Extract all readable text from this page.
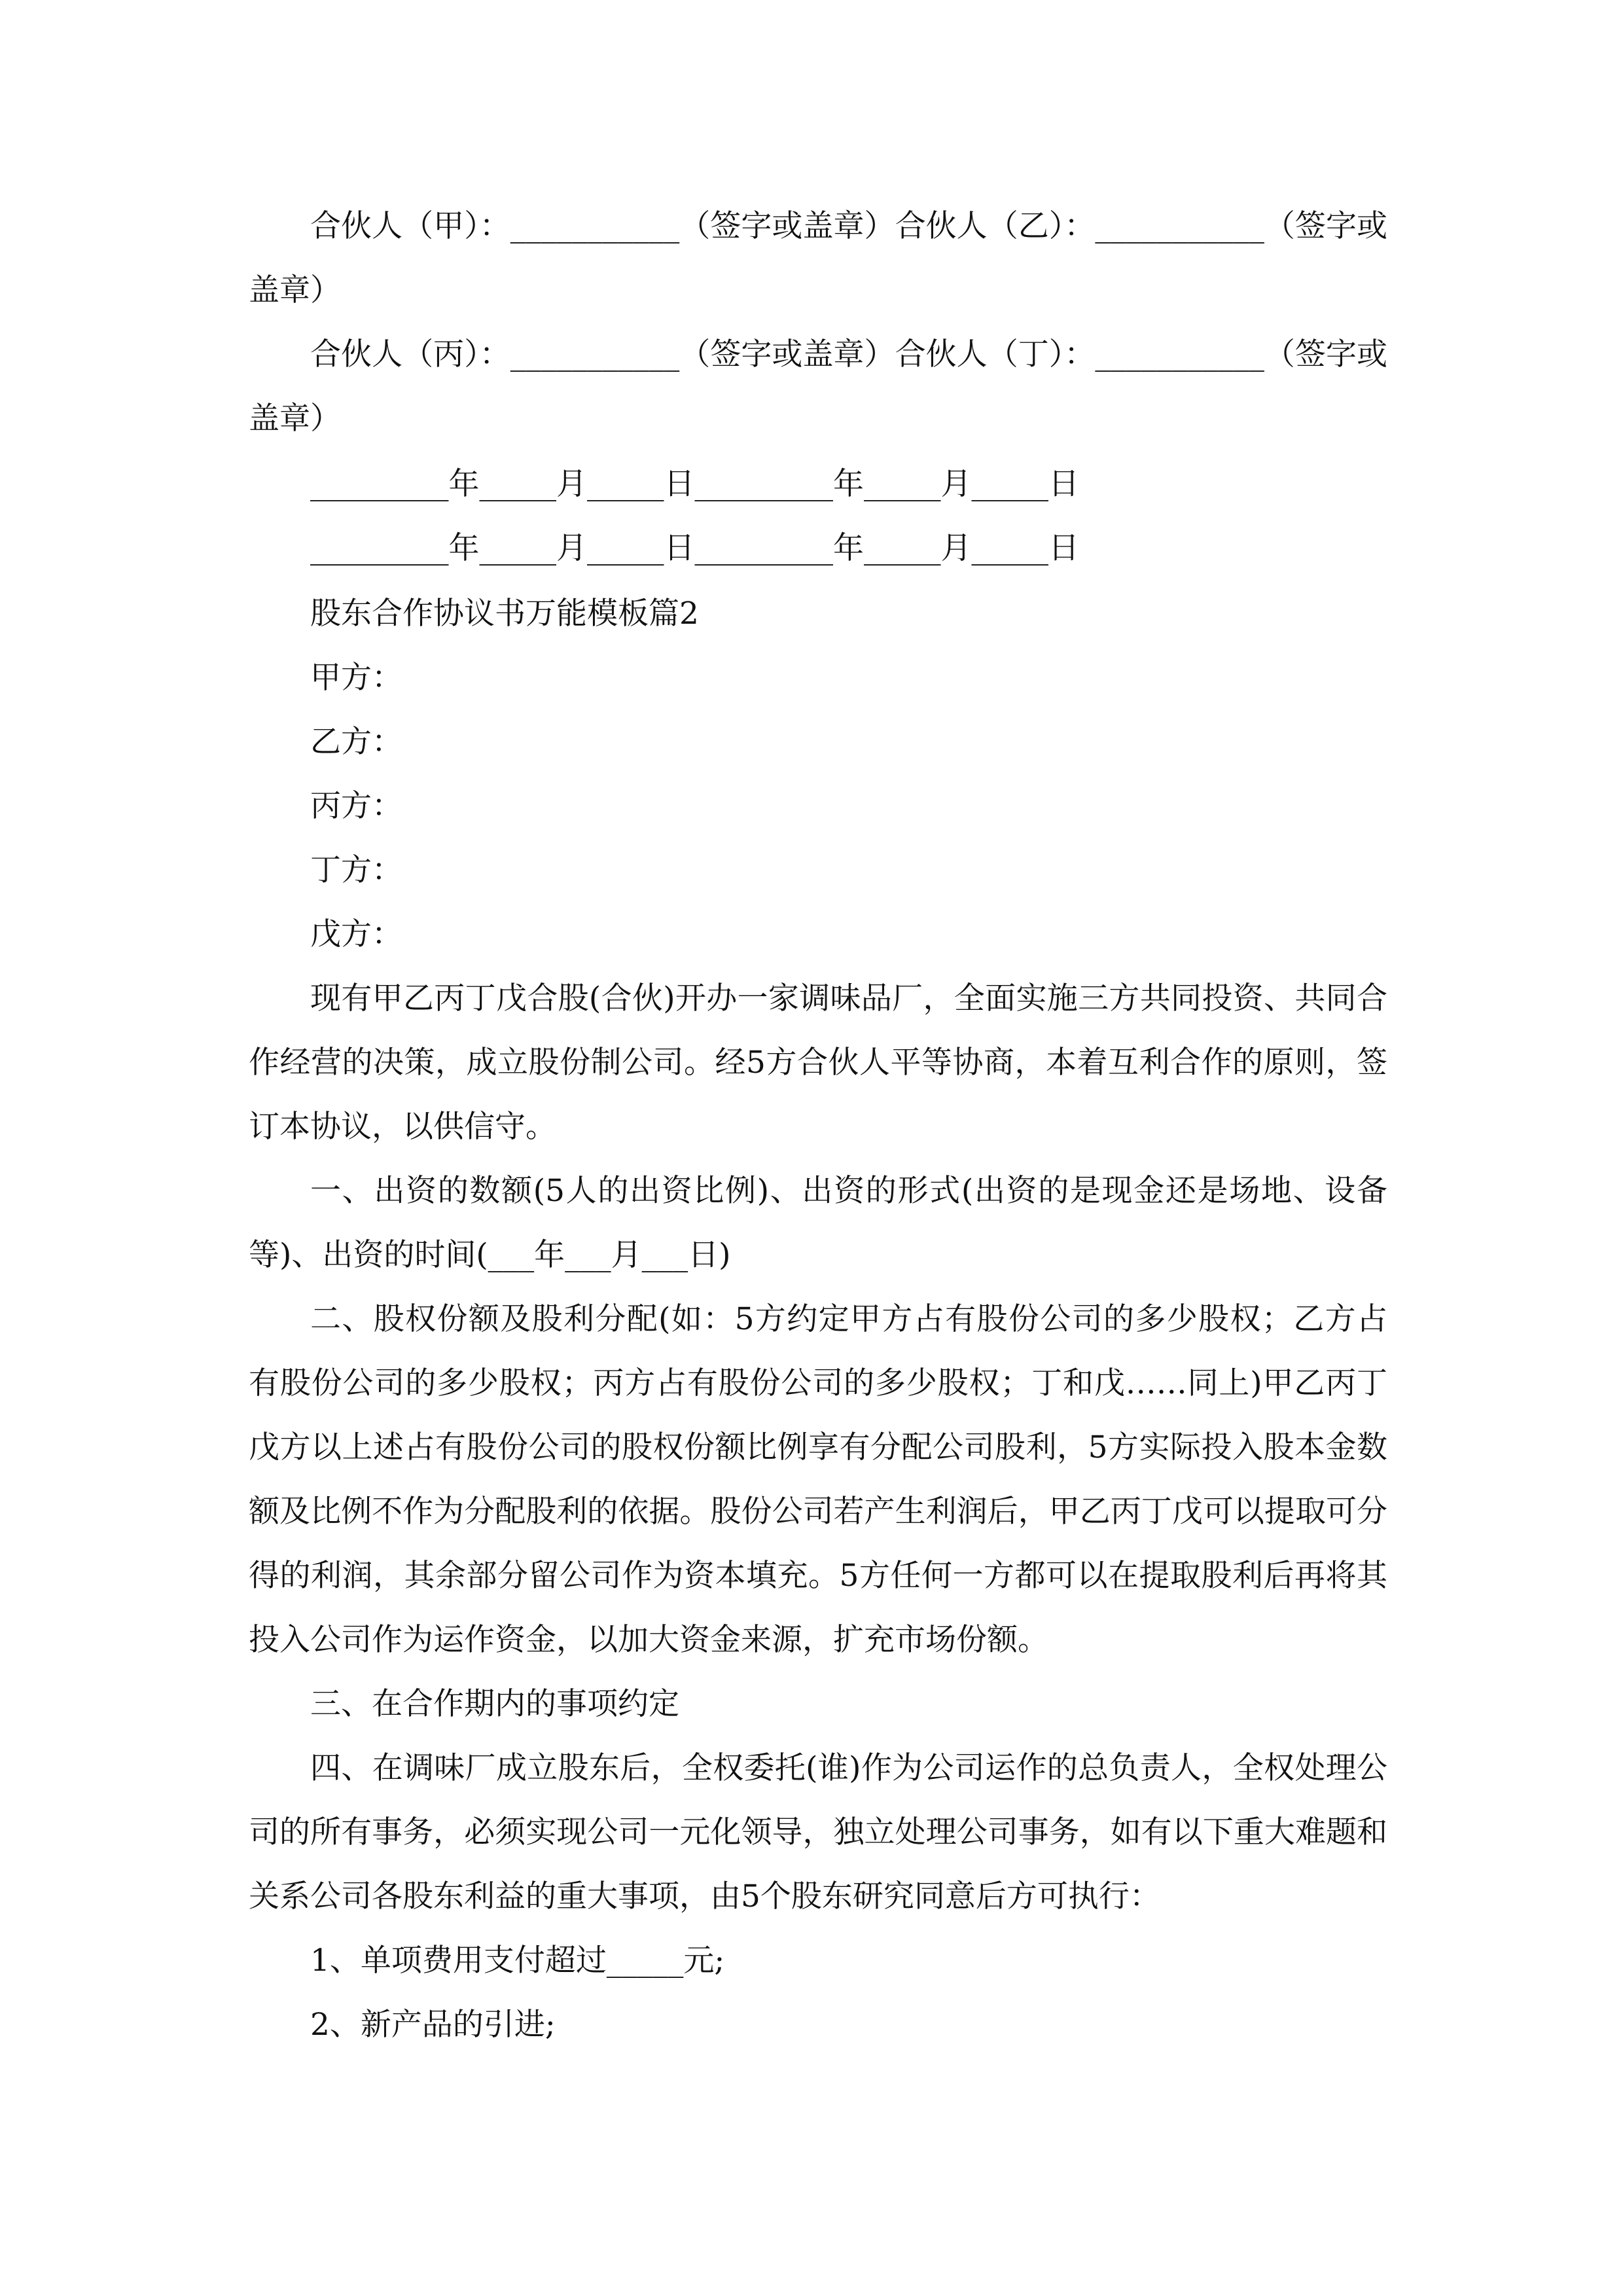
合伙人（甲）：___________（签字或盖章）合伙人（乙）：___________（签字或盖章）

合伙人（丙）：___________（签字或盖章）合伙人（丁）：___________（签字或盖章）

_________年_____月_____日_________年_____月_____日

_________年_____月_____日_________年_____月_____日

股东合作协议书万能模板篇2

甲方：

乙方：

丙方：

丁方：

戊方：

现有甲乙丙丁戊合股(合伙)开办一家调味品厂，全面实施三方共同投资、共同合作经营的决策，成立股份制公司。经5方合伙人平等协商，本着互利合作的原则，签订本协议，以供信守。

一、出资的数额(5人的出资比例)、出资的形式(出资的是现金还是场地、设备等)、出资的时间(___年___月___日)

二、股权份额及股利分配(如：5方约定甲方占有股份公司的多少股权；乙方占有股份公司的多少股权；丙方占有股份公司的多少股权；丁和戊……同上)甲乙丙丁戊方以上述占有股份公司的股权份额比例享有分配公司股利，5方实际投入股本金数额及比例不作为分配股利的依据。股份公司若产生利润后，甲乙丙丁戊可以提取可分得的利润，其余部分留公司作为资本填充。5方任何一方都可以在提取股利后再将其投入公司作为运作资金，以加大资金来源，扩充市场份额。

三、在合作期内的事项约定

四、在调味厂成立股东后，全权委托(谁)作为公司运作的总负责人，全权处理公司的所有事务，必须实现公司一元化领导，独立处理公司事务，如有以下重大难题和关系公司各股东利益的重大事项，由5个股东研究同意后方可执行：

1、单项费用支付超过_____元;

2、新产品的引进;
